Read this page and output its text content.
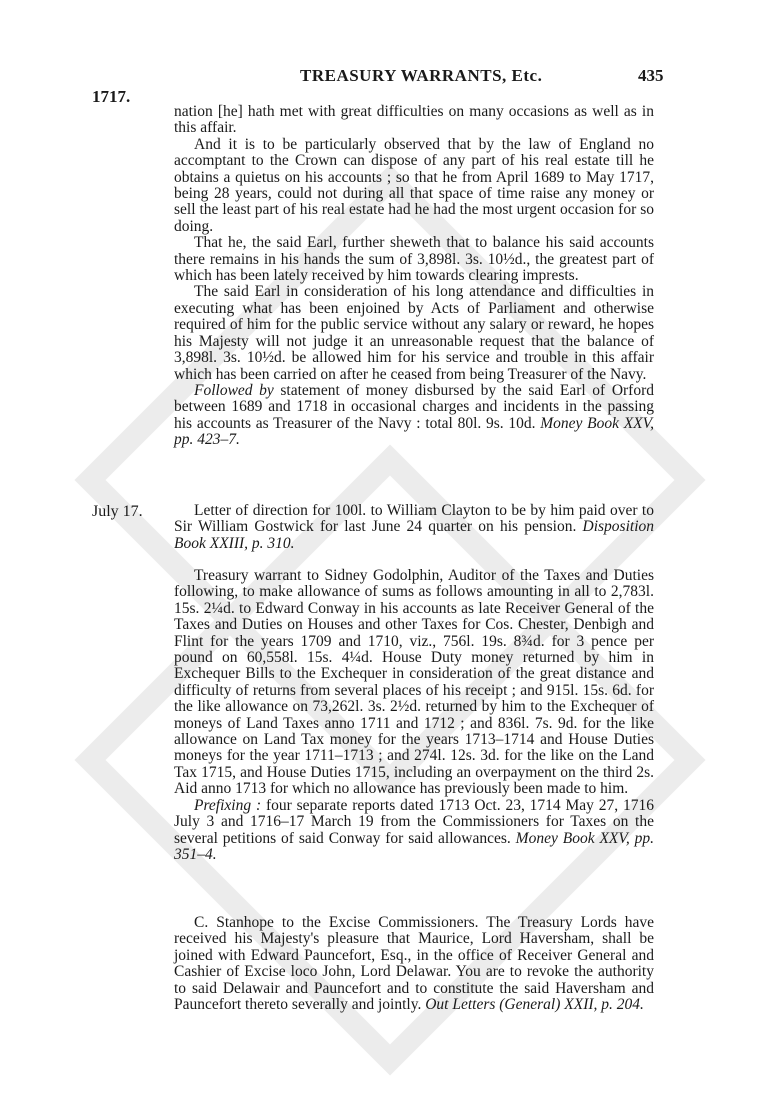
1717.
TREASURY WARRANTS, Etc.	435

nation [he] hath met with great difficulties on many occasions as well as in this affair.

And it is to be particularly observed that by the law of England no accomptant to the Crown can dispose of any part of his real estate till he obtains a quietus on his accounts ; so that he from April 1689 to May 1717, being 28 years, could not during all that space of time raise any money or sell the least part of his real estate had he had the most urgent occasion for so doing.

That he, the said Earl, further sheweth that to balance his said accounts there remains in his hands the sum of 3,898l. 3s. 10½d., the greatest part of which has been lately received by him towards clearing imprests.

The said Earl in consideration of his long attendance and difficulties in executing what has been enjoined by Acts of Parliament and otherwise required of him for the public service without any salary or reward, he hopes his Majesty will not judge it an unreasonable request that the balance of 3,898l. 3s. 10½d. be allowed him for his service and trouble in this affair which has been carried on after he ceased from being Treasurer of the Navy.

Followed by statement of money disbursed by the said Earl of Orford between 1689 and 1718 in occasional charges and incidents in the passing his accounts as Treasurer of the Navy : total 80l. 9s. 10d. Money Book XXV, pp. 423–7.

July 17.	Letter of direction for 100l. to William Clayton to be by him paid over to Sir William Gostwick for last June 24 quarter on his pension. Disposition Book XXIII, p. 310.

Treasury warrant to Sidney Godolphin, Auditor of the Taxes and Duties following, to make allowance of sums as follows amounting in all to 2,783l. 15s. 2¼d. to Edward Conway in his accounts as late Receiver General of the Taxes and Duties on Houses and other Taxes for Cos. Chester, Denbigh and Flint for the years 1709 and 1710, viz., 756l. 19s. 8¾d. for 3 pence per pound on 60,558l. 15s. 4¼d. House Duty money returned by him in Exchequer Bills to the Exchequer in consideration of the great distance and difficulty of returns from several places of his receipt ; and 915l. 15s. 6d. for the like allowance on 73,262l. 3s. 2½d. returned by him to the Exchequer of moneys of Land Taxes anno 1711 and 1712 ; and 836l. 7s. 9d. for the like allowance on Land Tax money for the years 1713–1714 and House Duties moneys for the year 1711–1713 ; and 274l. 12s. 3d. for the like on the Land Tax 1715, and House Duties 1715, including an overpayment on the third 2s. Aid anno 1713 for which no allowance has previously been made to him.

Prefixing : four separate reports dated 1713 Oct. 23, 1714 May 27, 1716 July 3 and 1716–17 March 19 from the Commissioners for Taxes on the several petitions of said Conway for said allowances. Money Book XXV, pp. 351–4.

C. Stanhope to the Excise Commissioners. The Treasury Lords have received his Majesty's pleasure that Maurice, Lord Haversham, shall be joined with Edward Pauncefort, Esq., in the office of Receiver General and Cashier of Excise loco John, Lord Delawar. You are to revoke the authority to said Delawair and Pauncefort and to constitute the said Haversham and Pauncefort thereto severally and jointly. Out Letters (General) XXII, p. 204.
